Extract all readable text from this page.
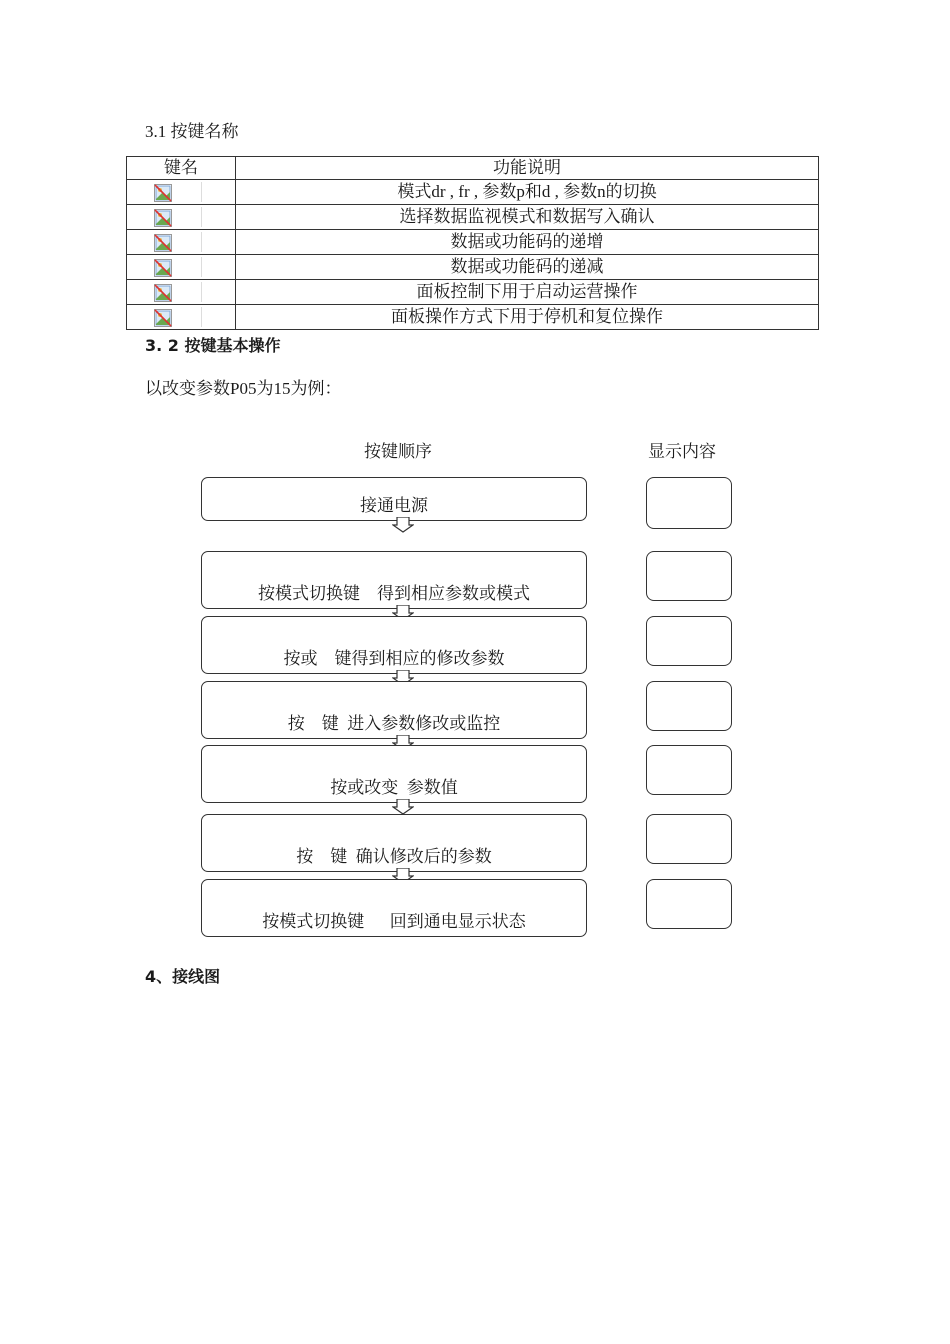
3.1 按键名称
键名	功能说明

	模式dr , fr , 参数p和d , 参数n的切换

	选择数据监视模式和数据写入确认

	数据或功能码的递增

	数据或功能码的递减

	面板控制下用于启动运营操作

	面板操作方式下用于停机和复位操作
3. 2 按键基本操作
以改变参数P05为15为例：
按键顺序	显示内容
接通电源
按模式切换键    得到相应参数或模式
按或    键得到相应的修改参数
按    键  进入参数修改或监控
按或改变  参数值
按    键  确认修改后的参数
按模式切换键      回到通电显示状态
4、接线图
